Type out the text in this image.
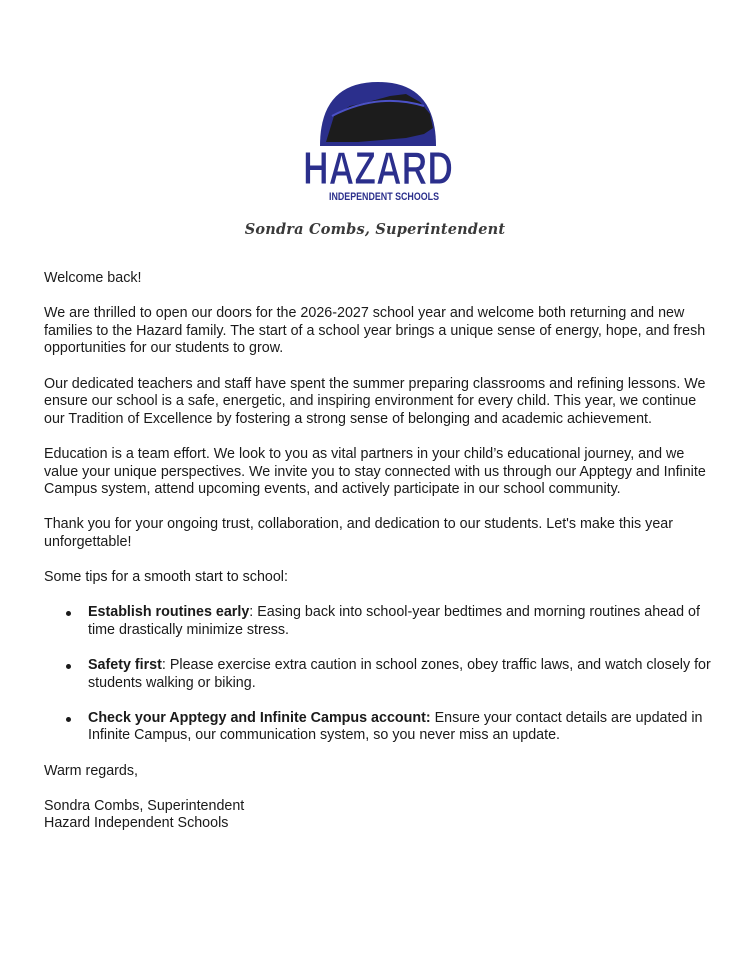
HAZARD
INDEPENDENT SCHOOLS
Sondra Combs, Superintendent

Welcome back!

We are thrilled to open our doors for the 2026-2027 school year and welcome both returning and new families to the Hazard family. The start of a school year brings a unique sense of energy, hope, and fresh opportunities for our students to grow.

Our dedicated teachers and staff have spent the summer preparing classrooms and refining lessons. We ensure our school is a safe, energetic, and inspiring environment for every child. This year, we continue our Tradition of Excellence by fostering a strong sense of belonging and academic achievement.

Education is a team effort. We look to you as vital partners in your child’s educational journey, and we value your unique perspectives. We invite you to stay connected with us through our Apptegy and Infinite Campus system, attend upcoming events, and actively participate in our school community.

Thank you for your ongoing trust, collaboration, and dedication to our students. Let's make this year unforgettable!

Some tips for a smooth start to school:

Establish routines early: Easing back into school-year bedtimes and morning routines ahead of time drastically minimize stress.
Safety first: Please exercise extra caution in school zones, obey traffic laws, and watch closely for students walking or biking.
Check your Apptegy and Infinite Campus account: Ensure your contact details are updated in Infinite Campus, our communication system, so you never miss an update.

Warm regards,

Sondra Combs, Superintendent

Hazard Independent Schools
